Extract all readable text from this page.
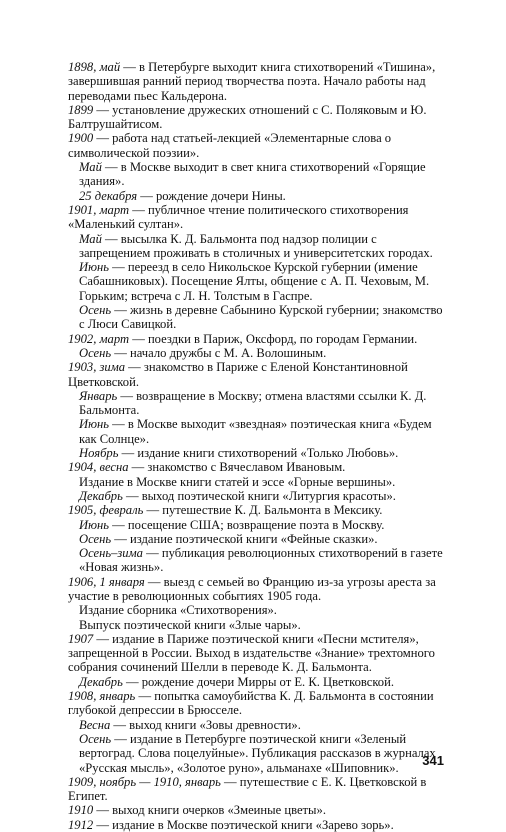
1898, май — в Петербурге выходит книга стихотворений «Тишина», завершившая ранний период творчества поэта. Начало работы над переводами пьес Кальдерона.

1899 — установление дружеских отношений с С. Поляковым и Ю. Балтрушайтисом.

1900 — работа над статьей-лекцией «Элементарные слова о символической поэзии».

Май — в Москве выходит в свет книга стихотворений «Горящие здания».

25 декабря — рождение дочери Нины.

1901, март — публичное чтение политического стихотворения «Маленький султан».

Май — высылка К. Д. Бальмонта под надзор полиции с запрещением проживать в столичных и университетских городах.

Июнь — переезд в село Никольское Курской губернии (имение Сабашниковых). Посещение Ялты, общение с А. П. Чеховым, М. Горьким; встреча с Л. Н. Толстым в Гаспре.

Осень — жизнь в деревне Сабынино Курской губернии; знакомство с Люси Савицкой.

1902, март — поездки в Париж, Оксфорд, по городам Германии.

Осень — начало дружбы с М. А. Волошиным.

1903, зима — знакомство в Париже с Еленой Константиновной Цветковской.

Январь — возвращение в Москву; отмена властями ссылки К. Д. Бальмонта.

Июнь — в Москве выходит «звездная» поэтическая книга «Будем как Солнце».

Ноябрь — издание книги стихотворений «Только Любовь».

1904, весна — знакомство с Вячеславом Ивановым.

Издание в Москве книги статей и эссе «Горные вершины».

Декабрь — выход поэтической книги «Литургия красоты».

1905, февраль — путешествие К. Д. Бальмонта в Мексику.

Июнь — посещение США; возвращение поэта в Москву.

Осень — издание поэтической книги «Фейные сказки».

Осень–зима — публикация революционных стихотворений в газете «Новая жизнь».

1906, 1 января — выезд с семьей во Францию из-за угрозы ареста за участие в революционных событиях 1905 года.

Издание сборника «Стихотворения».

Выпуск поэтической книги «Злые чары».

1907 — издание в Париже поэтической книги «Песни мстителя», запрещенной в России. Выход в издательстве «Знание» трехтомного собрания сочинений Шелли в переводе К. Д. Бальмонта.

Декабрь — рождение дочери Мирры от Е. К. Цветковской.

1908, январь — попытка самоубийства К. Д. Бальмонта в состоянии глубокой депрессии в Брюсселе.

Весна — выход книги «Зовы древности».

Осень — издание в Петербурге поэтической книги «Зеленый вертоград. Слова поцелуйные». Публикация рассказов в журналах «Русская мысль», «Золотое руно», альманахе «Шиповник».

1909, ноябрь — 1910, январь — путешествие с Е. К. Цветковской в Египет.

1910 — выход книги очерков «Змеиные цветы».

1912 — издание в Москве поэтической книги «Зарево зорь».

341
